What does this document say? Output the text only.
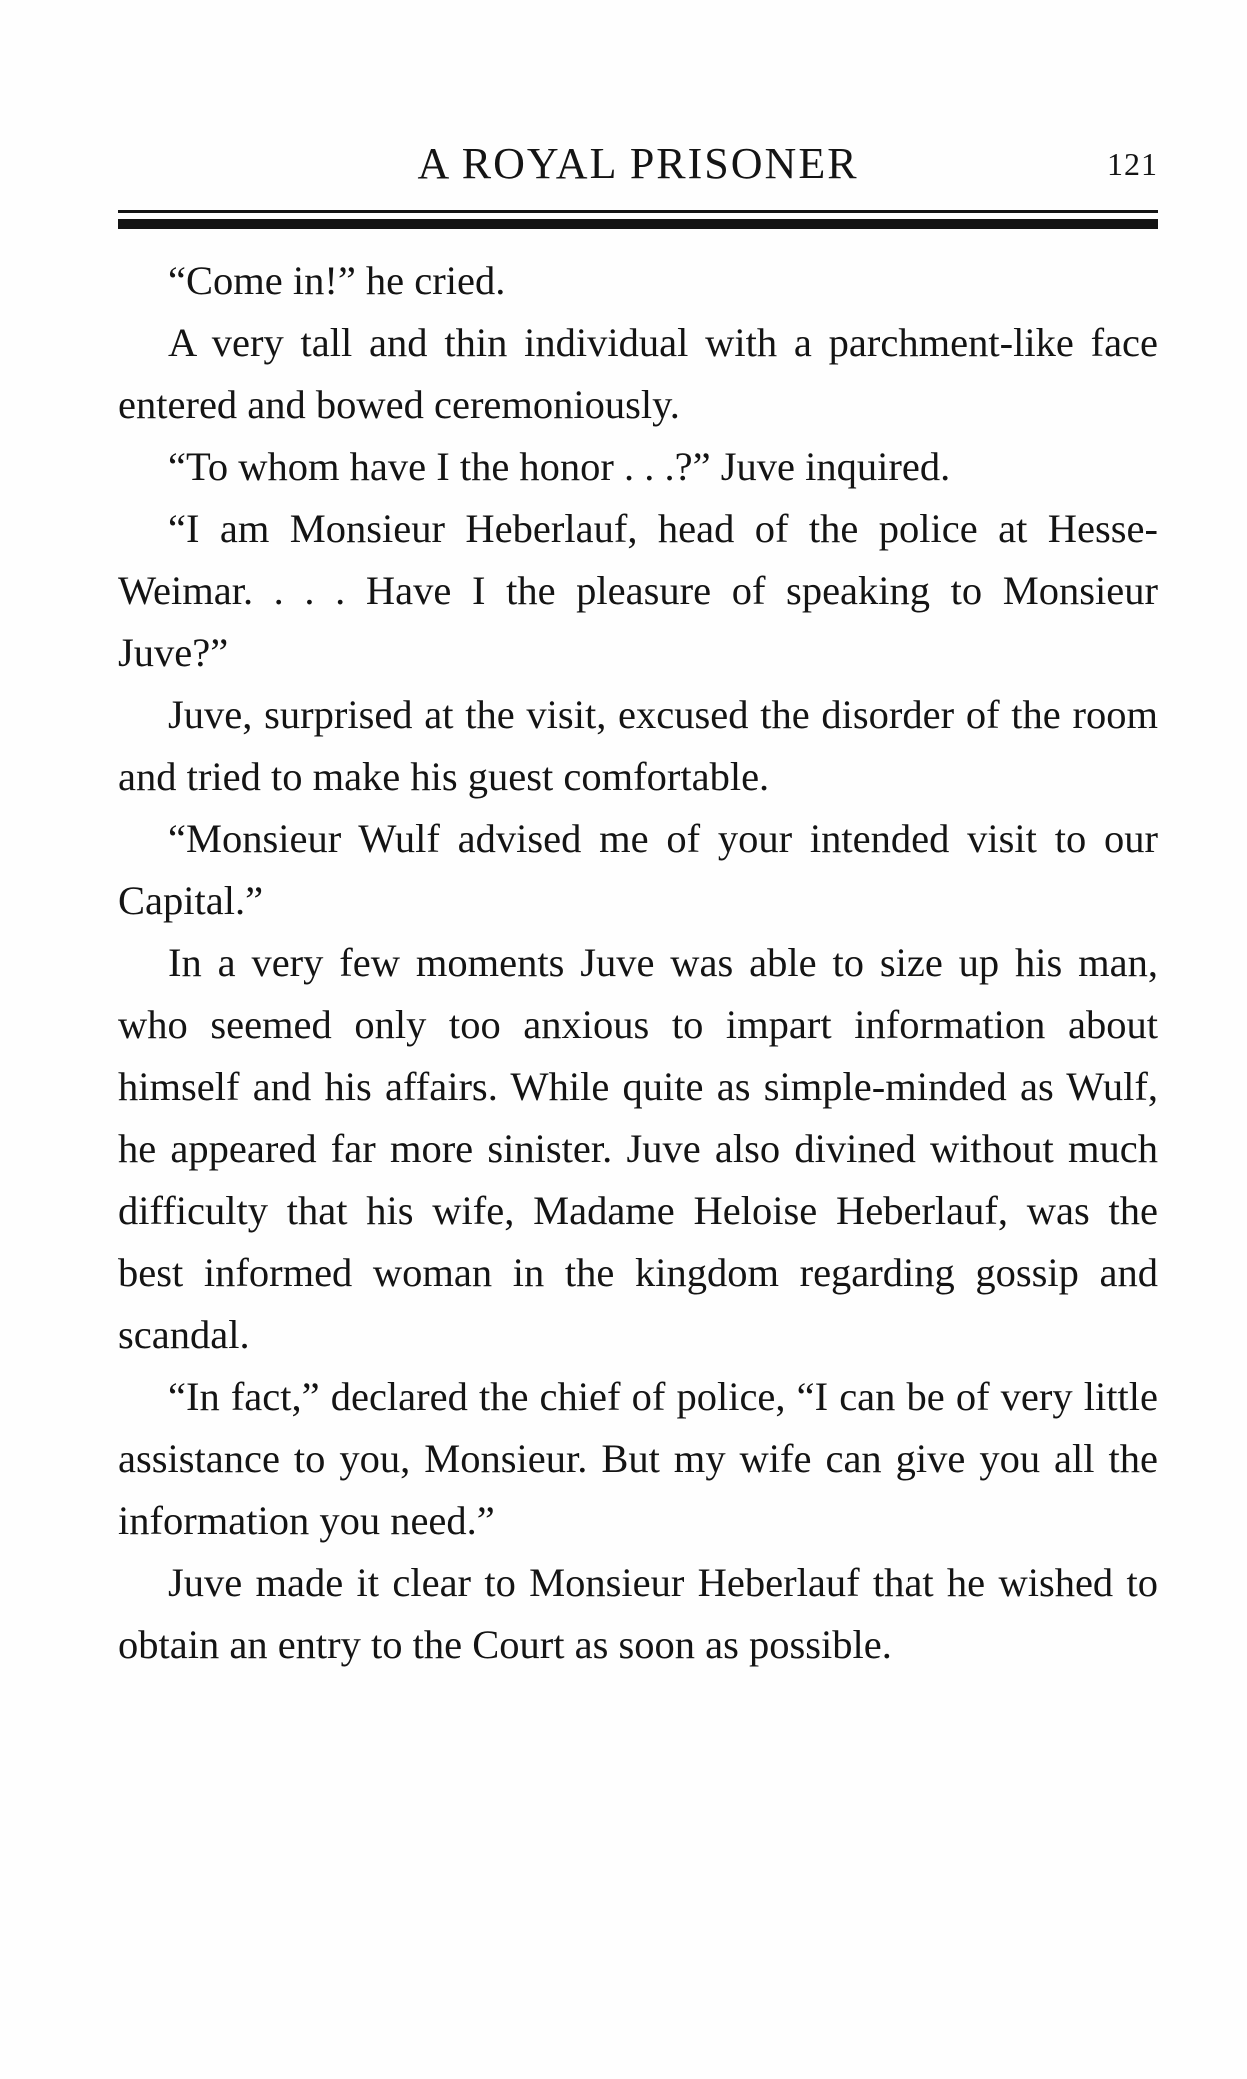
A ROYAL PRISONER	121

“Come in!” he cried.

A very tall and thin individual with a parchment-like face entered and bowed ceremoniously.

“To whom have I the honor . . .?” Juve inquired.

“I am Monsieur Heberlauf, head of the police at Hesse-Weimar. . . . Have I the pleasure of speaking to Monsieur Juve?”

Juve, surprised at the visit, excused the disorder of the room and tried to make his guest comfortable.

“Monsieur Wulf advised me of your intended visit to our Capital.”

In a very few moments Juve was able to size up his man, who seemed only too anxious to impart information about himself and his affairs. While quite as simple-minded as Wulf, he appeared far more sinister. Juve also divined without much difficulty that his wife, Madame Heloise Heberlauf, was the best informed woman in the kingdom regarding gossip and scandal.

“In fact,” declared the chief of police, “I can be of very little assistance to you, Monsieur. But my wife can give you all the information you need.”

Juve made it clear to Monsieur Heberlauf that he wished to obtain an entry to the Court as soon as possible.
